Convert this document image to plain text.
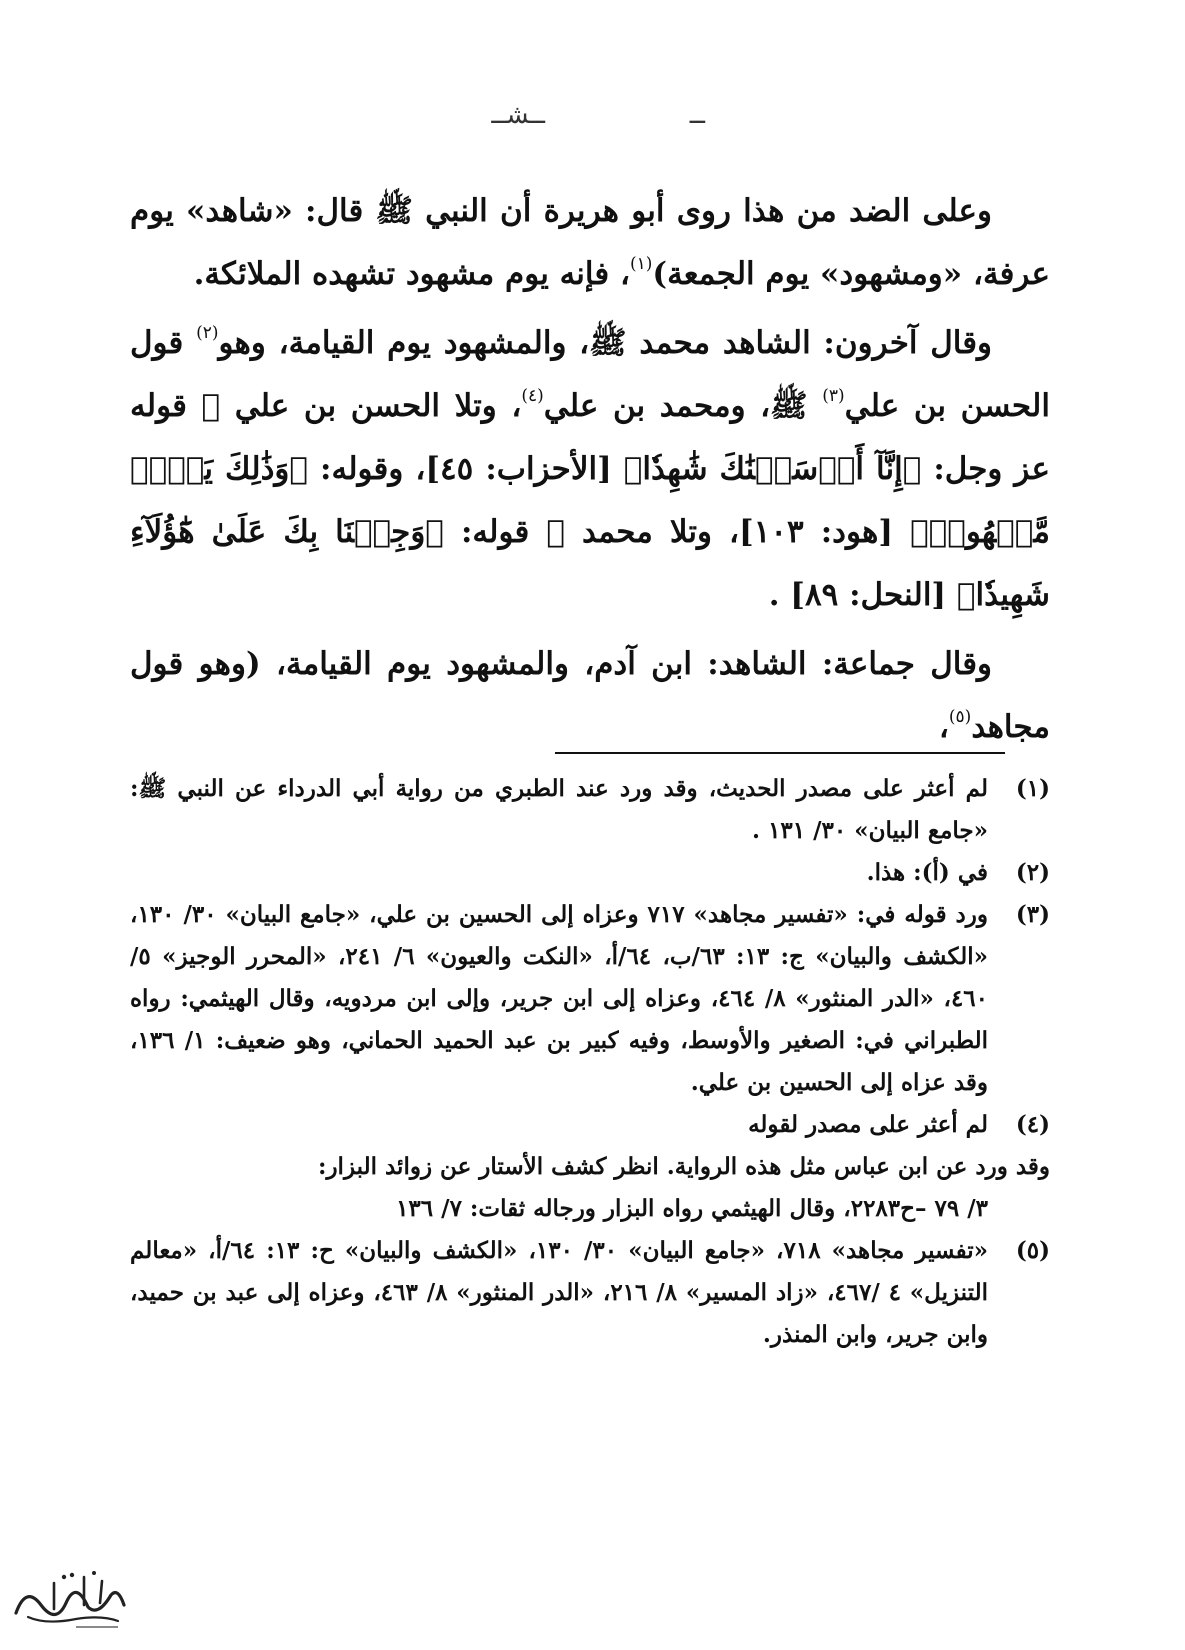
ــ
ــشــ

وعلى الضد من هذا روى أبو هريرة أن النبي ﷺ قال: «شاهد» يوم عرفة، «ومشهود» يوم الجمعة)$^{(١)}$، فإنه يوم مشهود تشهده الملائكة.

وقال آخرون: الشاهد محمد ﷺ، والمشهود يوم القيامة، وهو$^{(٢)}$ قول الحسن بن علي$^{(٣)}$ ﷺ، ومحمد بن علي$^{(٤)}$، وتلا الحسن بن علي ﷺ قوله عز وجل: ﴿إِنَّآ أَرۡسَلۡنَٰكَ شَٰهِدٗا﴾ [الأحزاب: ٤٥]، وقوله: ﴿وَذَٰلِكَ يَوۡمٞ مَّشۡهُودٞ﴾ [هود: ١٠٣]، وتلا محمد ﷺ قوله: ﴿وَجِئۡنَا بِكَ عَلَىٰ هَٰٓؤُلَآءِ شَهِيدٗا﴾ [النحل: ٨٩] .

وقال جماعة: الشاهد: ابن آدم، والمشهود يوم القيامة، (وهو قول مجاهد$^{(٥)}$،

(١)
لم أعثر على مصدر الحديث، وقد ورد عند الطبري من رواية أبي الدرداء عن النبي ﷺ: «جامع البيان» ٣٠/ ١٣١ .
(٢)
في (أ): هذا.
(٣)
ورد قوله في: «تفسير مجاهد» ٧١٧ وعزاه إلى الحسين بن علي، «جامع البيان» ٣٠/ ١٣٠، «الكشف والبيان» ج: ١٣: ٦٣/ب، ٦٤/أ، «النكت والعيون» ٦/ ٢٤١، «المحرر الوجيز» ٥/ ٤٦٠، «الدر المنثور» ٨/ ٤٦٤، وعزاه إلى ابن جرير، وإلى ابن مردويه، وقال الهيثمي: رواه الطبراني في: الصغير والأوسط، وفيه كبير بن عبد الحميد الحماني، وهو ضعيف: ١/ ١٣٦، وقد عزاه إلى الحسين بن علي.
(٤)
لم أعثر على مصدر لقوله
وقد ورد عن ابن عباس مثل هذه الرواية. انظر كشف الأستار عن زوائد البزار:
٣/ ٧٩ –ح٢٢٨٣، وقال الهيثمي رواه البزار ورجاله ثقات: ٧/ ١٣٦
(٥)
«تفسير مجاهد» ٧١٨، «جامع البيان» ٣٠/ ١٣٠، «الكشف والبيان» ح: ١٣: ٦٤/أ، «معالم التنزيل» ٤ /٤٦٧، «زاد المسير» ٨/ ٢١٦، «الدر المنثور» ٨/ ٤٦٣، وعزاه إلى عبد بن حميد، وابن جرير، وابن المنذر.
